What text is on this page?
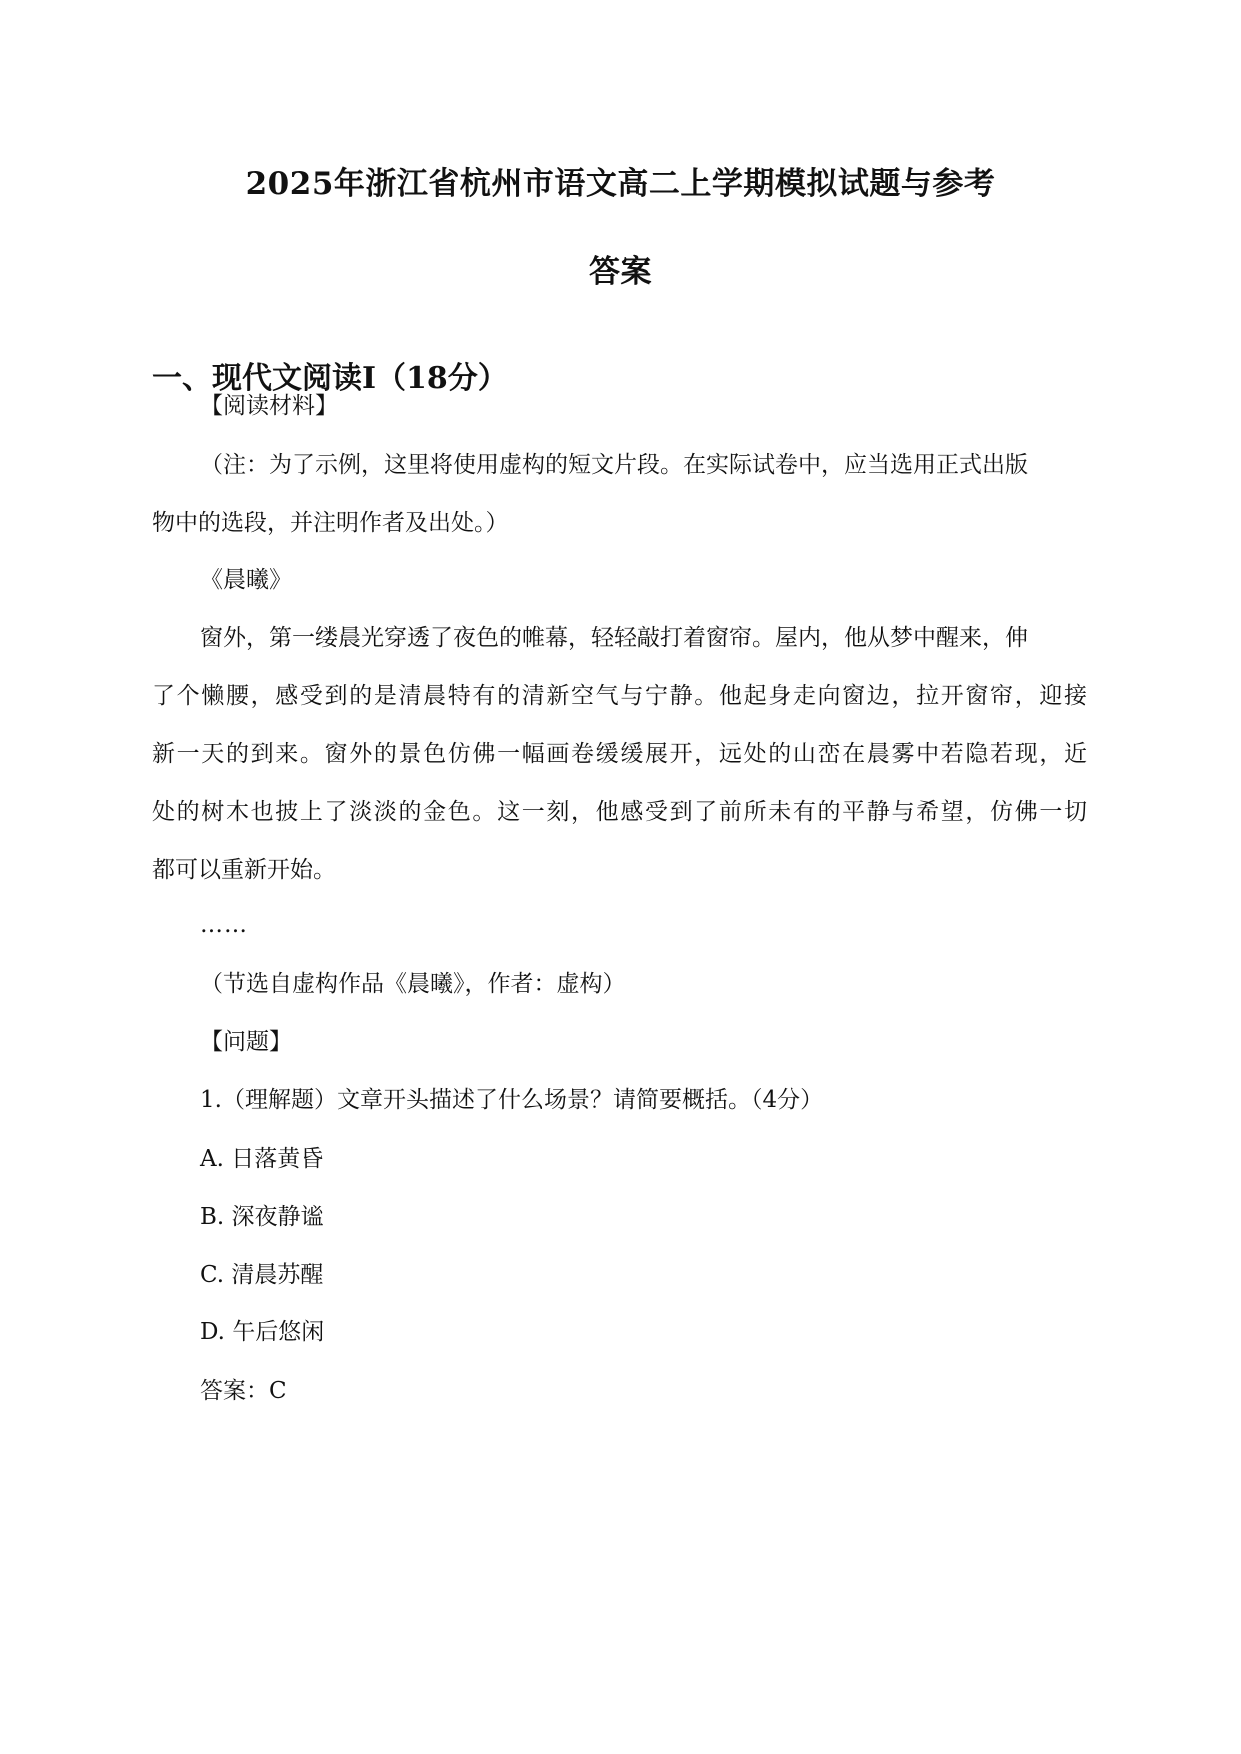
2025年浙江省杭州市语文高二上学期模拟试题与参考
答案
一、现代文阅读Ⅰ（18分）
【阅读材料】
（注：为了示例，这里将使用虚构的短文片段。在实际试卷中，应当选用正式出版
物中的选段，并注明作者及出处。）
《晨曦》
窗外，第一缕晨光穿透了夜色的帷幕，轻轻敲打着窗帘。屋内，他从梦中醒来，伸
了个懒腰，感受到的是清晨特有的清新空气与宁静。他起身走向窗边，拉开窗帘，迎接
新一天的到来。窗外的景色仿佛一幅画卷缓缓展开，远处的山峦在晨雾中若隐若现，近
处的树木也披上了淡淡的金色。这一刻，他感受到了前所未有的平静与希望，仿佛一切
都可以重新开始。
……
（节选自虚构作品《晨曦》，作者：虚构）
【问题】
1.（理解题）文章开头描述了什么场景？请简要概括。（4分）
A. 日落黄昏
B. 深夜静谧
C. 清晨苏醒
D. 午后悠闲
答案：C
